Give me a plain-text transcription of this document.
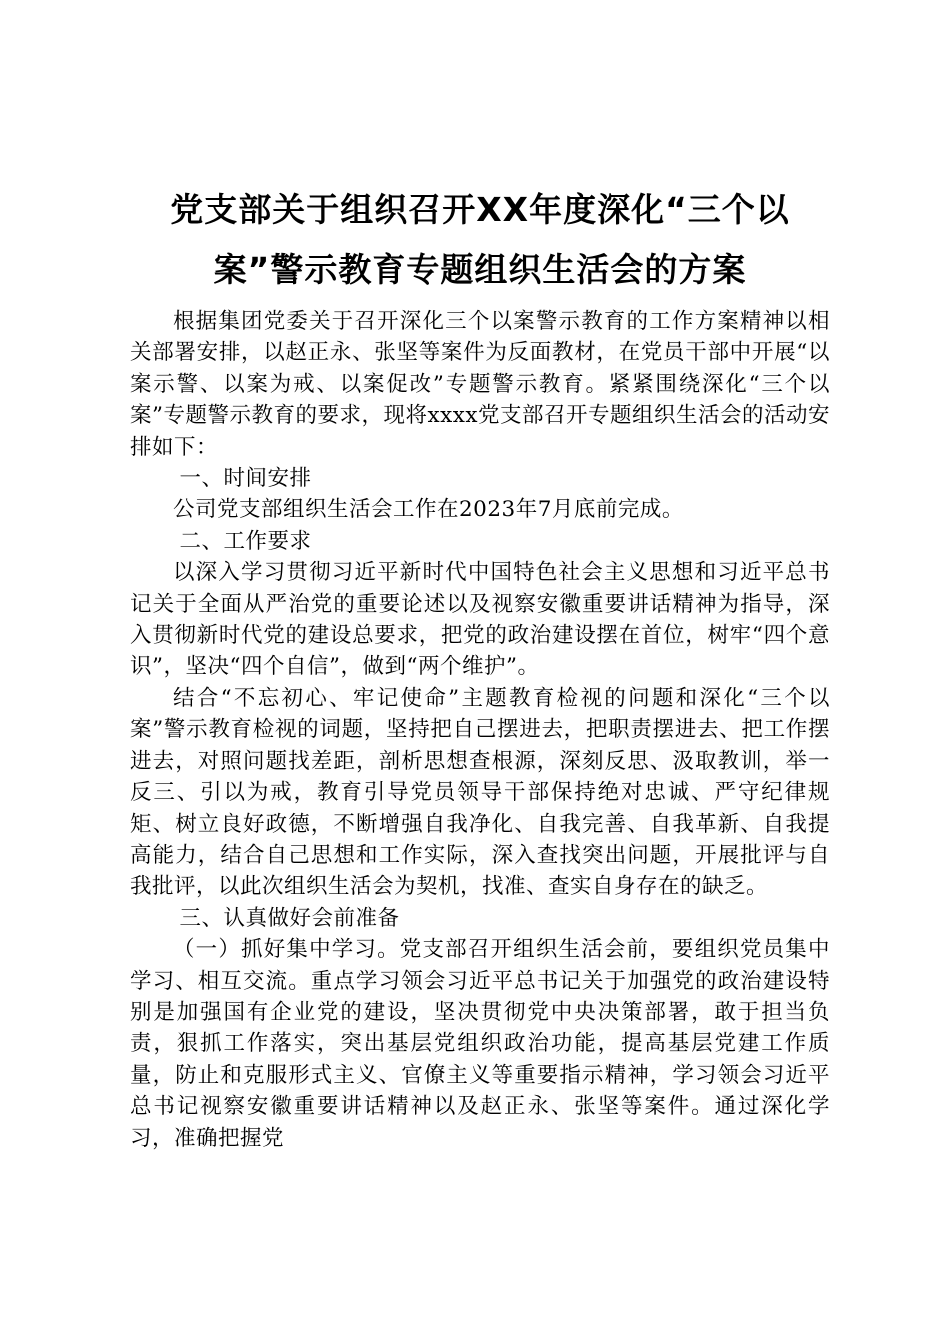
党支部关于组织召开XX年度深化“三个以案”警示教育专题组织生活会的方案

根据集团党委关于召开深化三个以案警示教育的工作方案精神以相关部署安排，以赵正永、张坚等案件为反面教材，在党员干部中开展“以案示警、以案为戒、以案促改”专题警示教育。紧紧围绕深化“三个以案”专题警示教育的要求，现将xxxx党支部召开专题组织生活会的活动安排如下：

一、时间安排

公司党支部组织生活会工作在2023年7月底前完成。

二、工作要求

以深入学习贯彻习近平新时代中国特色社会主义思想和习近平总书记关于全面从严治党的重要论述以及视察安徽重要讲话精神为指导，深入贯彻新时代党的建设总要求，把党的政治建设摆在首位，树牢“四个意识”，坚决“四个自信”，做到“两个维护”。

结合“不忘初心、牢记使命”主题教育检视的问题和深化“三个以案”警示教育检视的词题，坚持把自己摆进去，把职责摆进去、把工作摆进去，对照问题找差距，剖析思想查根源，深刻反思、汲取教训，举一反三、引以为戒，教育引导党员领导干部保持绝对忠诚、严守纪律规矩、树立良好政德，不断增强自我净化、自我完善、自我革新、自我提高能力，结合自己思想和工作实际，深入查找突出问题，开展批评与自我批评，以此次组织生活会为契机，找准、查实自身存在的缺乏。

三、认真做好会前准备

（一）抓好集中学习。党支部召开组织生活会前，要组织党员集中学习、相互交流。重点学习领会习近平总书记关于加强党的政治建设特别是加强国有企业党的建设，坚决贯彻党中央决策部署，敢于担当负责，狠抓工作落实，突出基层党组织政治功能，提高基层党建工作质量，防止和克服形式主义、官僚主义等重要指示精神，学习领会习近平总书记视察安徽重要讲话精神以及赵正永、张坚等案件。通过深化学习，准确把握党
